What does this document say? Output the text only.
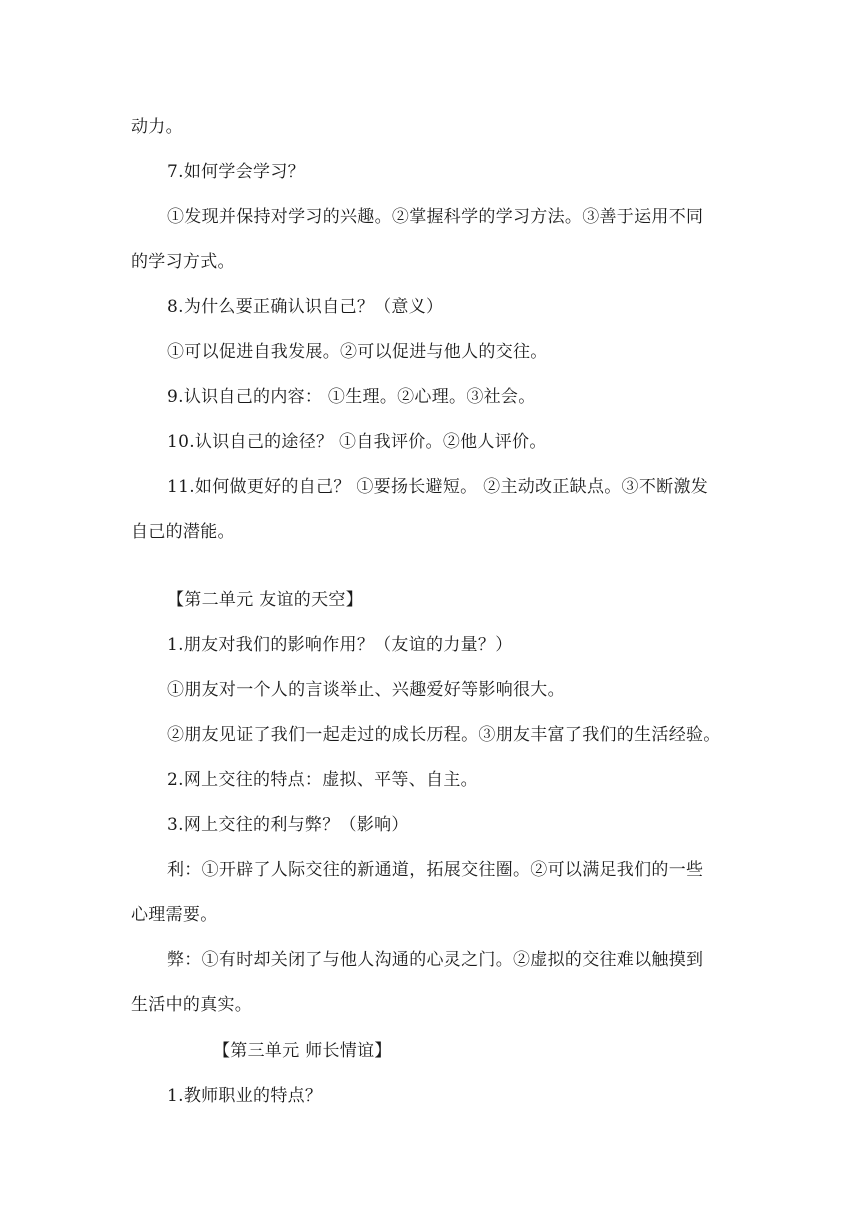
动力。
7.如何学会学习？
①发现并保持对学习的兴趣。②掌握科学的学习方法。③善于运用不同
的学习方式。
8.为什么要正确认识自己？（意义）
①可以促进自我发展。②可以促进与他人的交往。
9.认识自己的内容： ①生理。②心理。③社会。
10.认识自己的途径？ ①自我评价。②他人评价。
11.如何做更好的自己？ ①要扬长避短。 ②主动改正缺点。③不断激发
自己的潜能。
【第二单元 友谊的天空】
1.朋友对我们的影响作用？（友谊的力量？）
①朋友对一个人的言谈举止、兴趣爱好等影响很大。
②朋友见证了我们一起走过的成长历程。③朋友丰富了我们的生活经验。
2.网上交往的特点：虚拟、平等、自主。
3.网上交往的利与弊？（影响）
利：①开辟了人际交往的新通道，拓展交往圈。②可以满足我们的一些
心理需要。
弊：①有时却关闭了与他人沟通的心灵之门。②虚拟的交往难以触摸到
生活中的真实。
【第三单元 师长情谊】
1.教师职业的特点？
